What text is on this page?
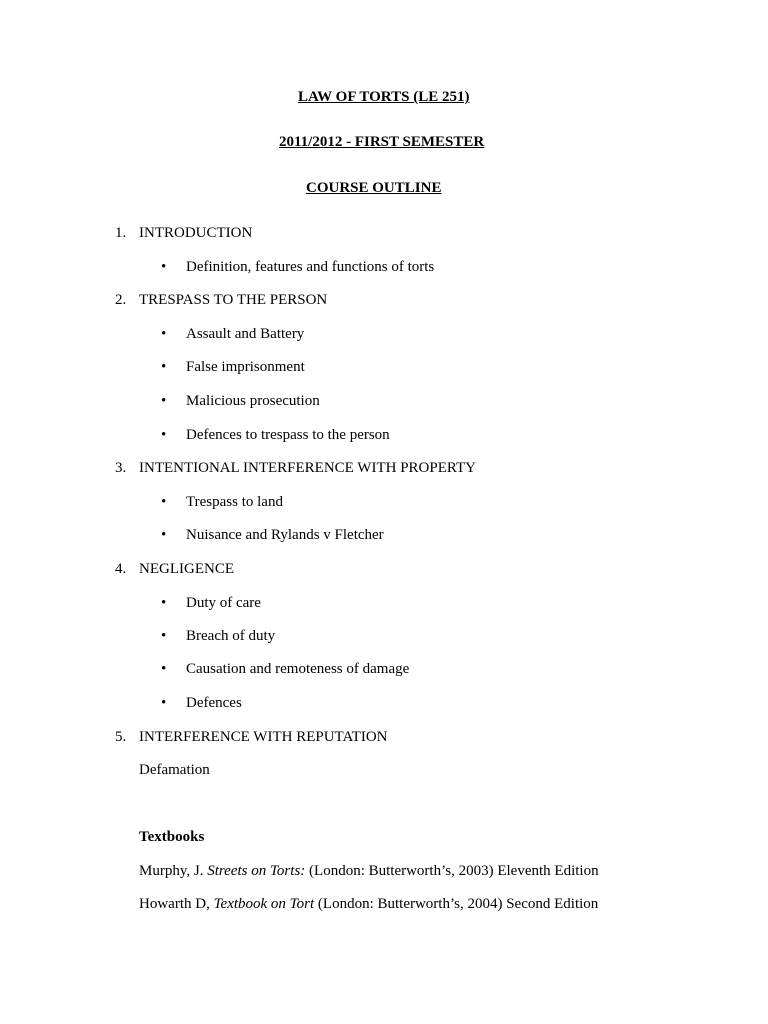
LAW OF TORTS (LE 251)
2011/2012 - FIRST SEMESTER
COURSE OUTLINE
1. INTRODUCTION
• Definition, features and functions of torts
2. TRESPASS TO THE PERSON
• Assault and Battery
• False imprisonment
• Malicious prosecution
• Defences to trespass to the person
3. INTENTIONAL INTERFERENCE WITH PROPERTY
• Trespass to land
• Nuisance and Rylands v Fletcher
4. NEGLIGENCE
• Duty of care
• Breach of duty
• Causation and remoteness of damage
• Defences
5. INTERFERENCE WITH REPUTATION
Defamation
Textbooks
Murphy, J. Streets on Torts: (London: Butterworth’s, 2003) Eleventh Edition
Howarth D, Textbook on Tort (London: Butterworth’s, 2004) Second Edition
